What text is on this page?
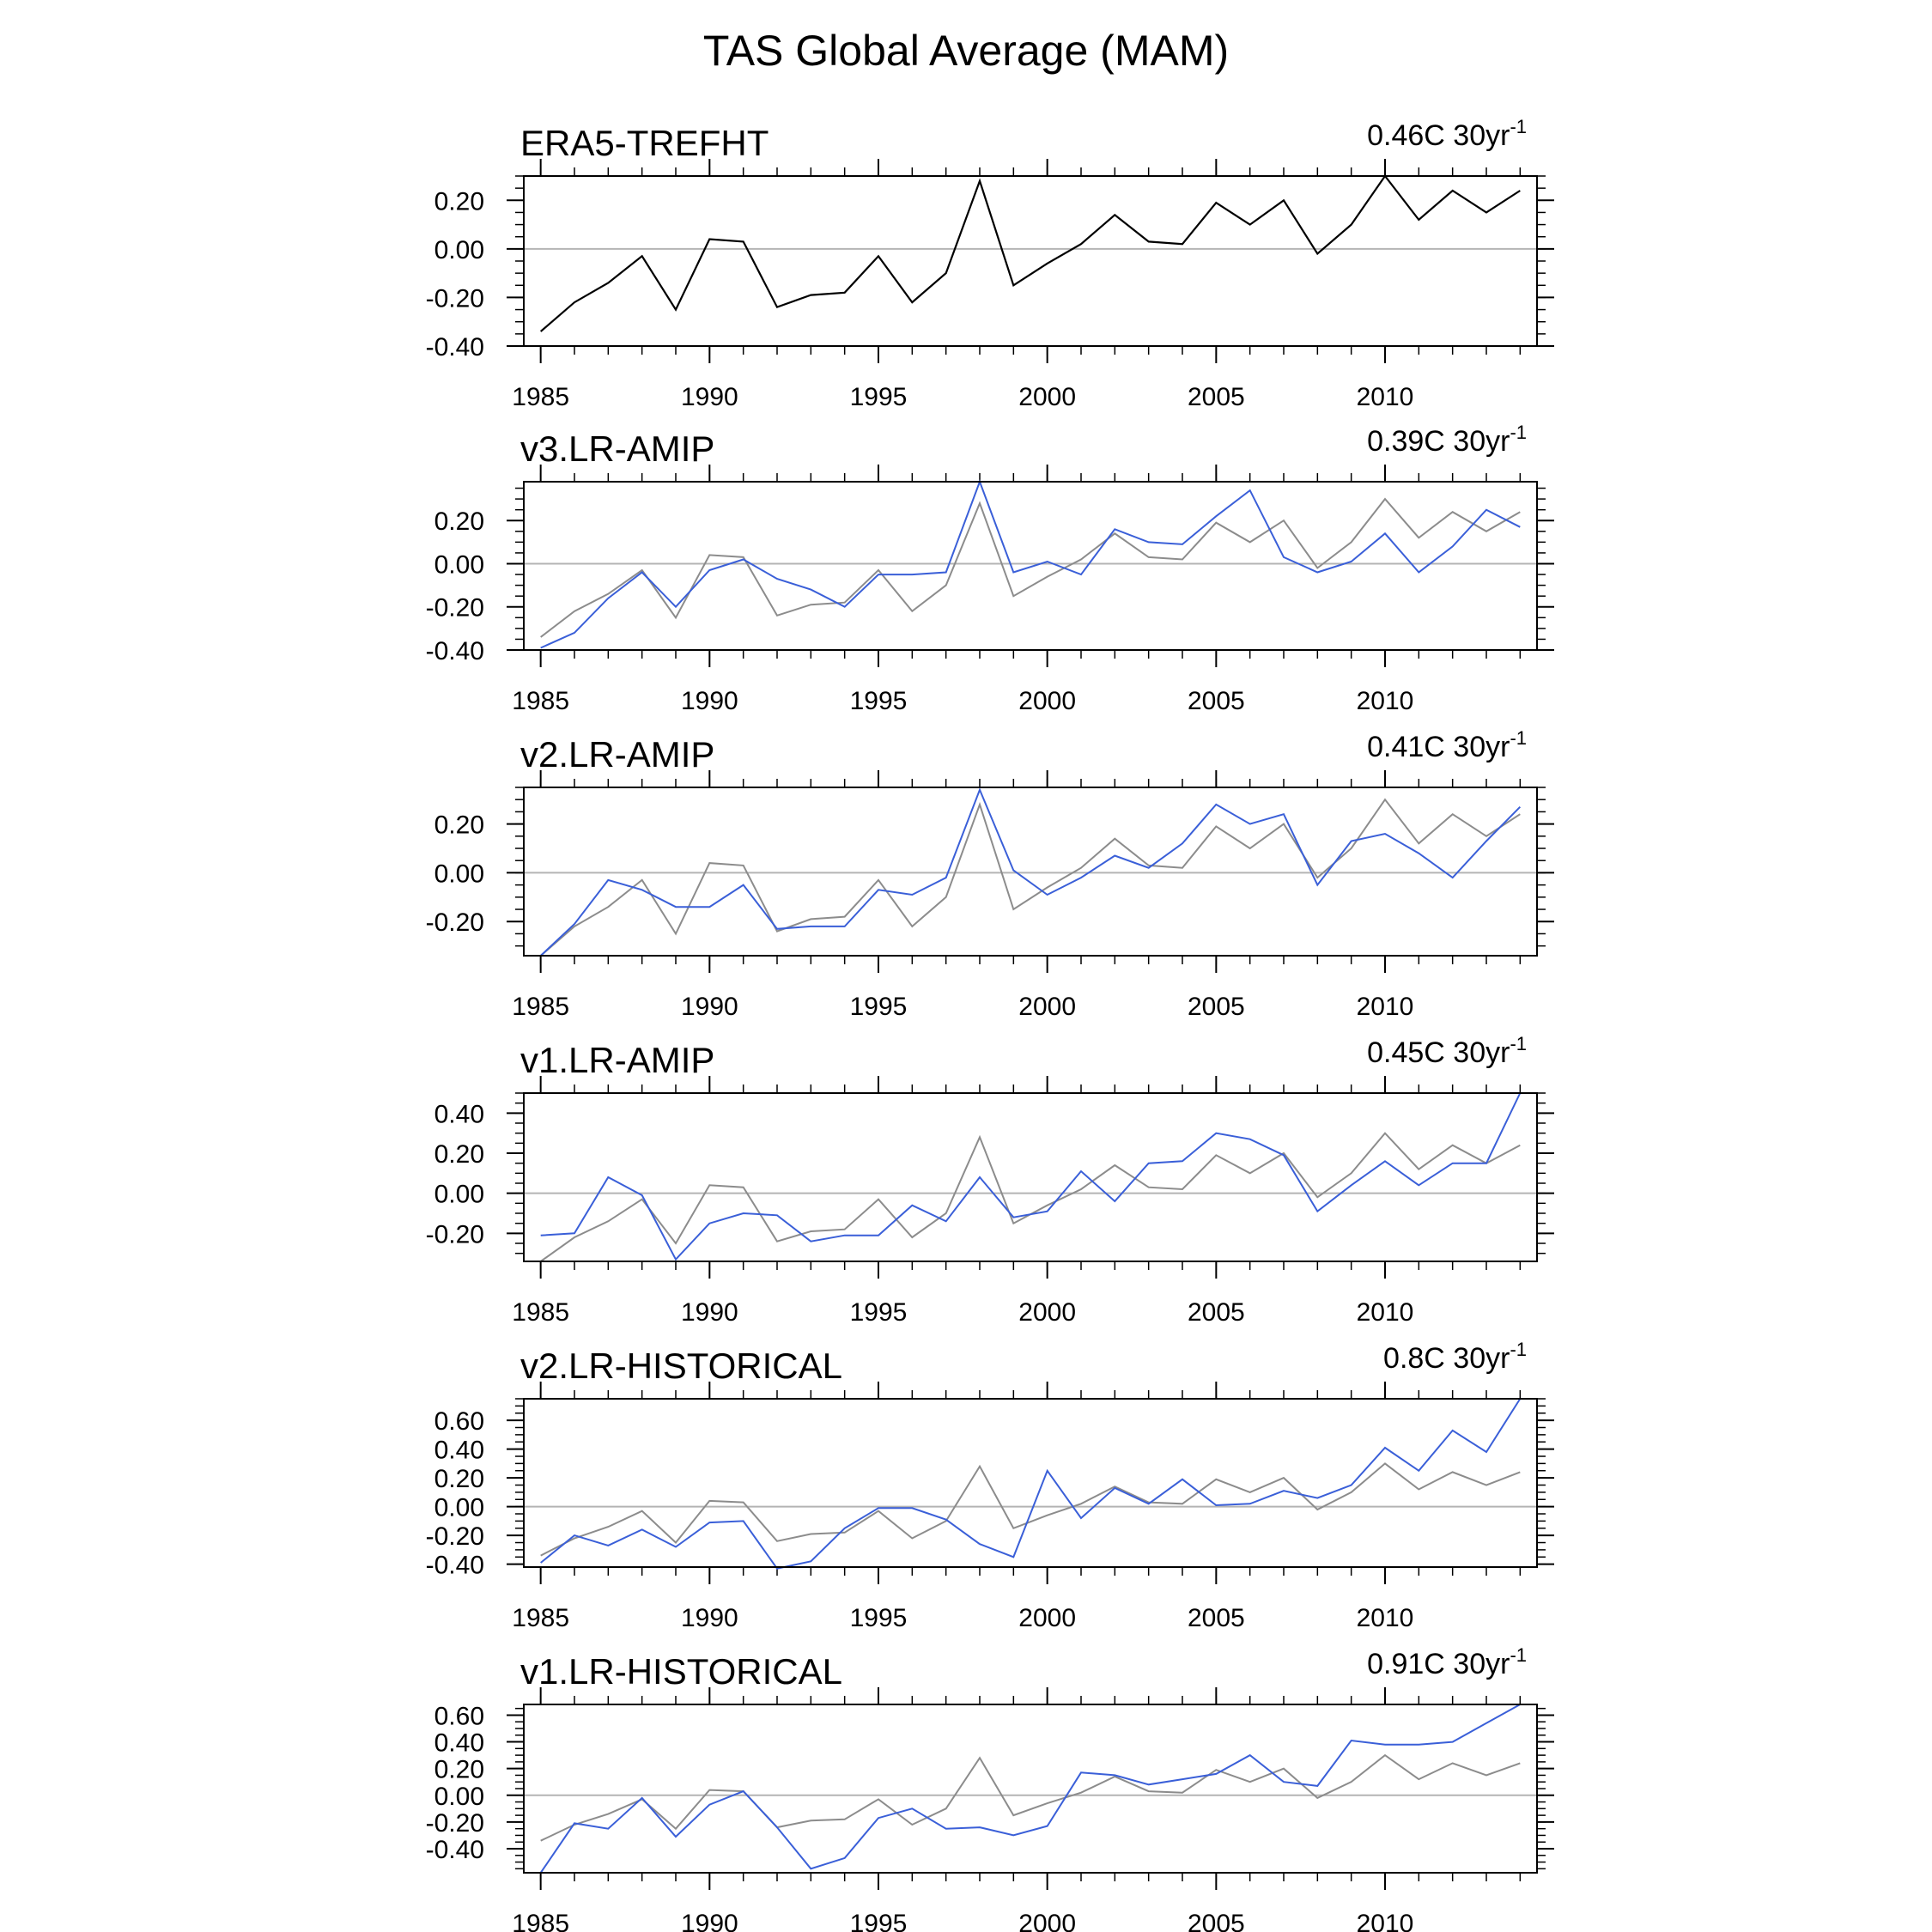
TAS Global Average (MAM)
ERA5-TREFHT	0.46C $30yr^{-1}$
0.20
0.00
-0.20
-0.40
1985	1990	1995	2000	2005	2010
v3.LR-AMIP	0.39C $30yr^{-1}$
0.20
0.00
-0.20
-0.40
1985	1990	1995	2000	2005	2010
v2.LR-AMIP	0.41C $30yr^{-1}$
0.20
0.00
-0.20
1985	1990	1995	2000	2005	2010
v1.LR-AMIP	0.45C $30yr^{-1}$
0.40
0.20
0.00
-0.20
1985	1990	1995	2000	2005	2010
v2.LR-HISTORICAL	0.8C $30yr^{-1}$
0.60
0.40
0.20
0.00
-0.20
-0.40
1985	1990	1995	2000	2005	2010
v1.LR-HISTORICAL	0.91C $30yr^{-1}$
0.60
0.40
0.20
0.00
-0.20
-0.40
1985	1990	1995	2000	2005	2010
